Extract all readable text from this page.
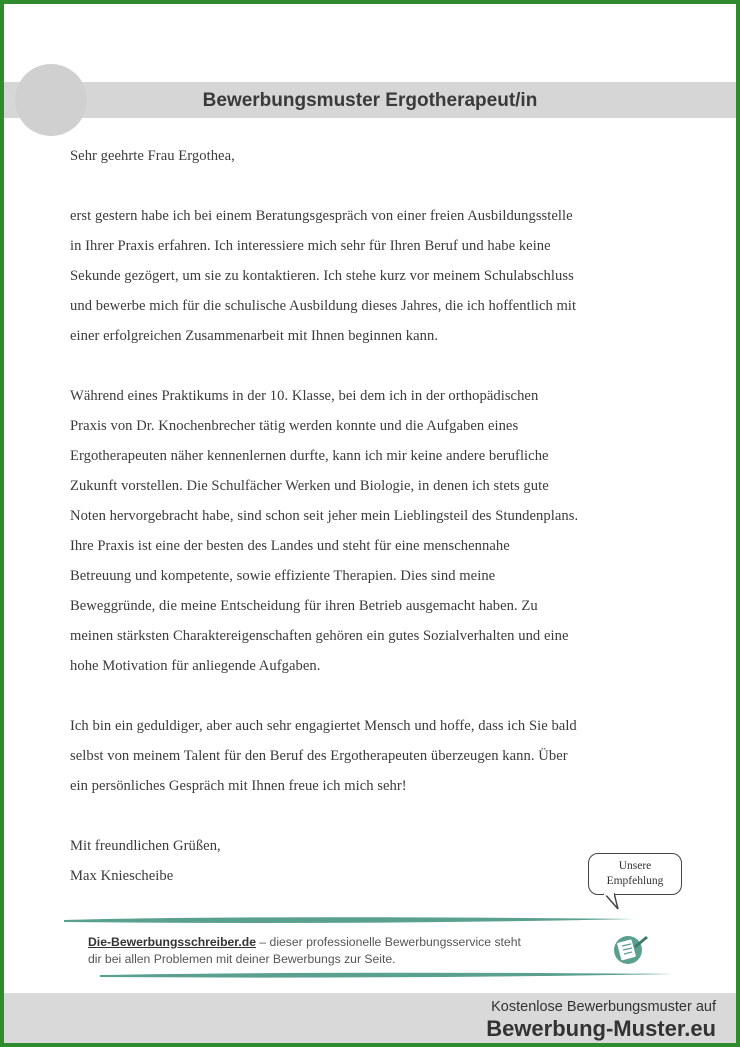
Bewerbungsmuster Ergotherapeut/in

Sehr geehrte Frau Ergothea,

erst gestern habe ich bei einem Beratungsgespräch von einer freien Ausbildungsstelle

in Ihrer Praxis erfahren. Ich interessiere mich sehr für Ihren Beruf und habe keine

Sekunde gezögert, um sie zu kontaktieren. Ich stehe kurz vor meinem Schulabschluss

und bewerbe mich für die schulische Ausbildung dieses Jahres, die ich hoffentlich mit

einer erfolgreichen Zusammenarbeit mit Ihnen beginnen kann.

Während eines Praktikums in der 10. Klasse, bei dem ich in der orthopädischen

Praxis von Dr. Knochenbrecher tätig werden konnte und die Aufgaben eines

Ergotherapeuten näher kennenlernen durfte, kann ich mir keine andere berufliche

Zukunft vorstellen. Die Schulfächer Werken und Biologie, in denen ich stets gute

Noten hervorgebracht habe, sind schon seit jeher mein Lieblingsteil des Stundenplans.

Ihre Praxis ist eine der besten des Landes und steht für eine menschennahe

Betreuung und kompetente, sowie effiziente Therapien. Dies sind meine

Beweggründe, die meine Entscheidung für ihren Betrieb ausgemacht haben. Zu

meinen stärksten Charaktereigenschaften gehören ein gutes Sozialverhalten und eine

hohe Motivation für anliegende Aufgaben.

Ich bin ein geduldiger, aber auch sehr engagiertet Mensch und hoffe, dass ich Sie bald

selbst von meinem Talent für den Beruf des Ergotherapeuten überzeugen kann. Über

ein persönliches Gespräch mit Ihnen freue ich mich sehr!

Mit freundlichen Grüßen,

Max Kniescheibe

Unsere
Empfehlung
Die-Bewerbungsschreiber.de – dieser professionelle Bewerbungsservice steht
dir bei allen Problemen mit deiner Bewerbungs zur Seite.
Kostenlose Bewerbungsmuster auf
Bewerbung-Muster.eu
